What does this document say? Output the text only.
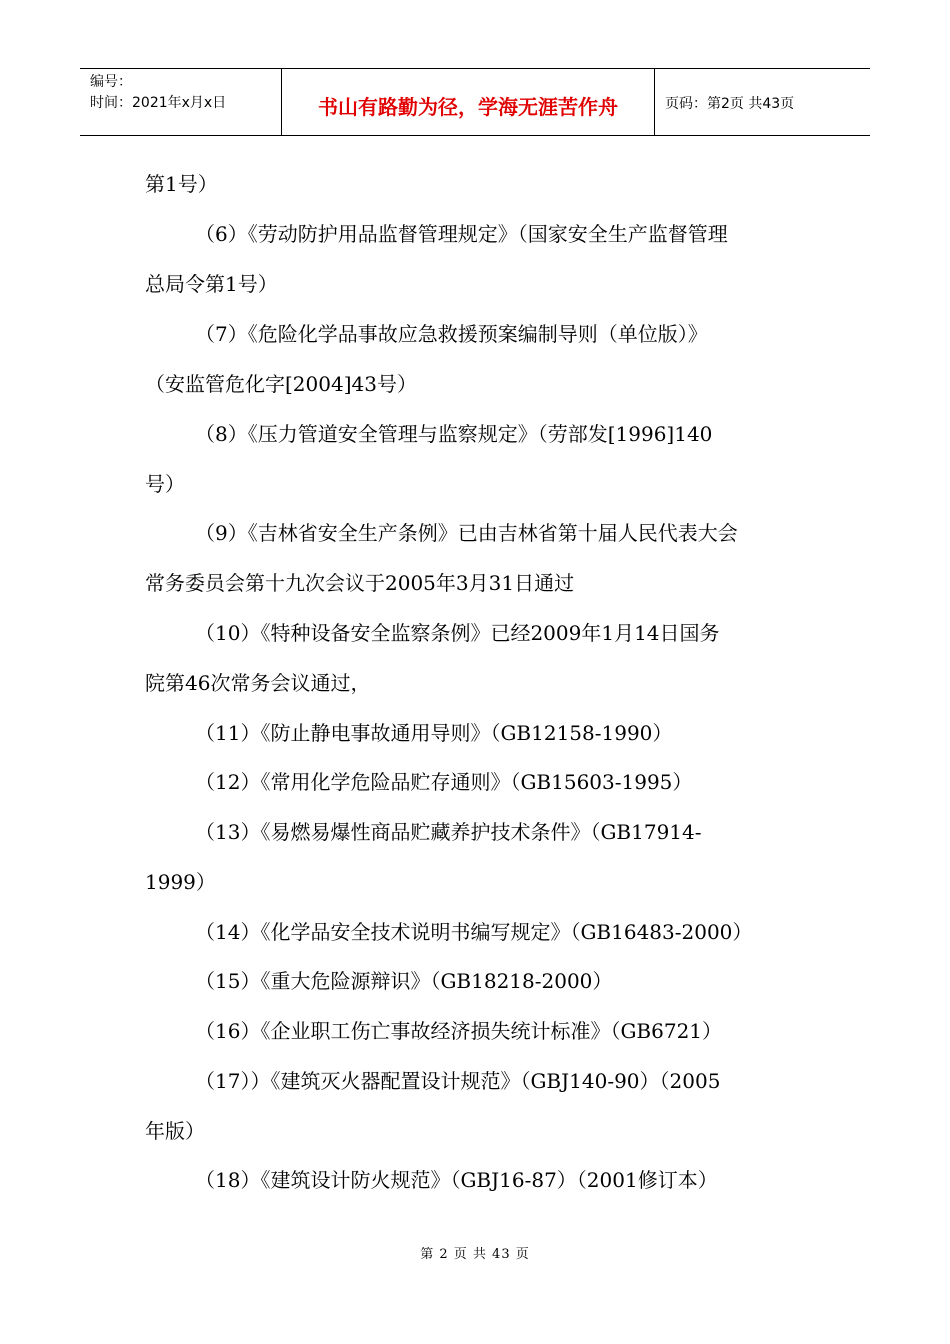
编号：
时间：2021年x月x日	书山有路勤为径，学海无涯苦作舟	页码：第2页 共43页
第1号）
（6）《劳动防护用品监督管理规定》（国家安全生产监督管理
总局令第1号）
（7）《危险化学品事故应急救援预案编制导则（单位版）》
（安监管危化字[2004]43号）
（8）《压力管道安全管理与监察规定》（劳部发[1996]140
号）
（9）《吉林省安全生产条例》已由吉林省第十届人民代表大会
常务委员会第十九次会议于2005年3月31日通过
（10）《特种设备安全监察条例》已经2009年1月14日国务
院第46次常务会议通过，
（11）《防止静电事故通用导则》（GB12158-1990）
（12）《常用化学危险品贮存通则》（GB15603-1995）
（13）《易燃易爆性商品贮藏养护技术条件》（GB17914-
1999）
（14）《化学品安全技术说明书编写规定》（GB16483-2000）
（15）《重大危险源辩识》（GB18218-2000）
（16）《企业职工伤亡事故经济损失统计标准》（GB6721）
（17））《建筑灭火器配置设计规范》（GBJ140-90）（2005
年版）
（18）《建筑设计防火规范》（GBJ16-87）（2001修订本）
第 2 页 共 43 页
